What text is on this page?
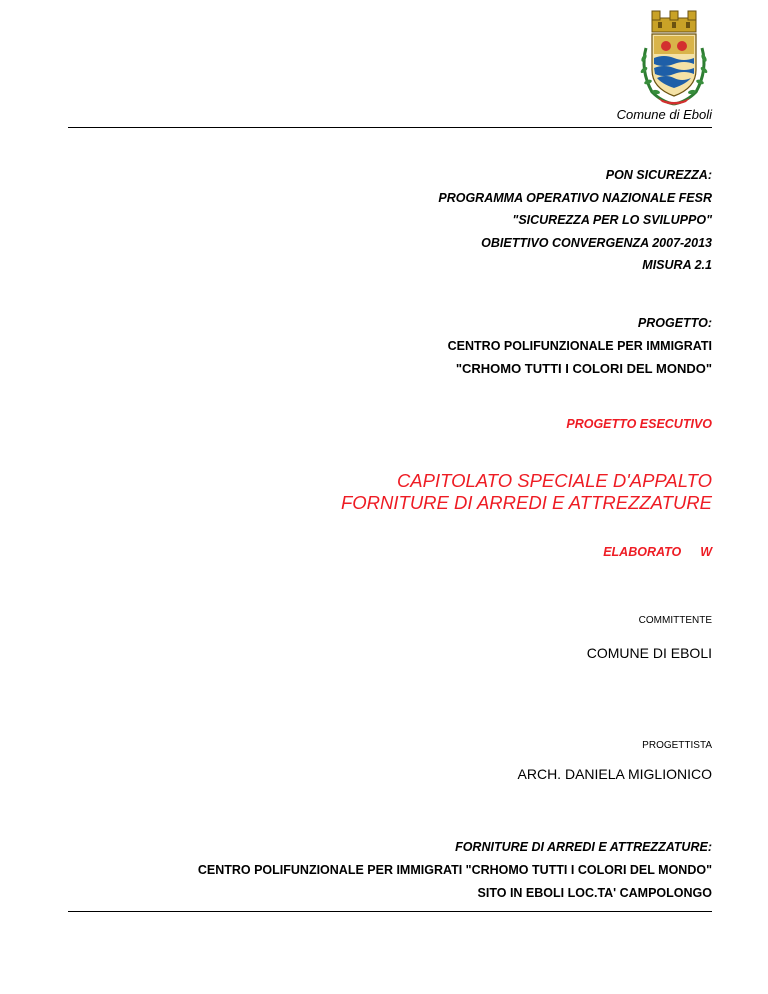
Comune di Eboli
PON SICUREZZA:
PROGRAMMA OPERATIVO NAZIONALE FESR
"SICUREZZA PER LO SVILUPPO"
OBIETTIVO CONVERGENZA 2007-2013
MISURA 2.1
PROGETTO:
CENTRO POLIFUNZIONALE PER IMMIGRATI
"CRHOMO TUTTI I COLORI DEL MONDO"
PROGETTO ESECUTIVO
CAPITOLATO SPECIALE D'APPALTO
FORNITURE DI ARREDI E ATTREZZATURE
ELABORATO W
COMMITTENTE
COMUNE DI EBOLI
PROGETTISTA
ARCH. DANIELA MIGLIONICO
FORNITURE DI ARREDI E ATTREZZATURE:
CENTRO POLIFUNZIONALE PER IMMIGRATI "CRHOMO TUTTI I COLORI DEL MONDO"
SITO IN EBOLI LOC.TA' CAMPOLONGO
